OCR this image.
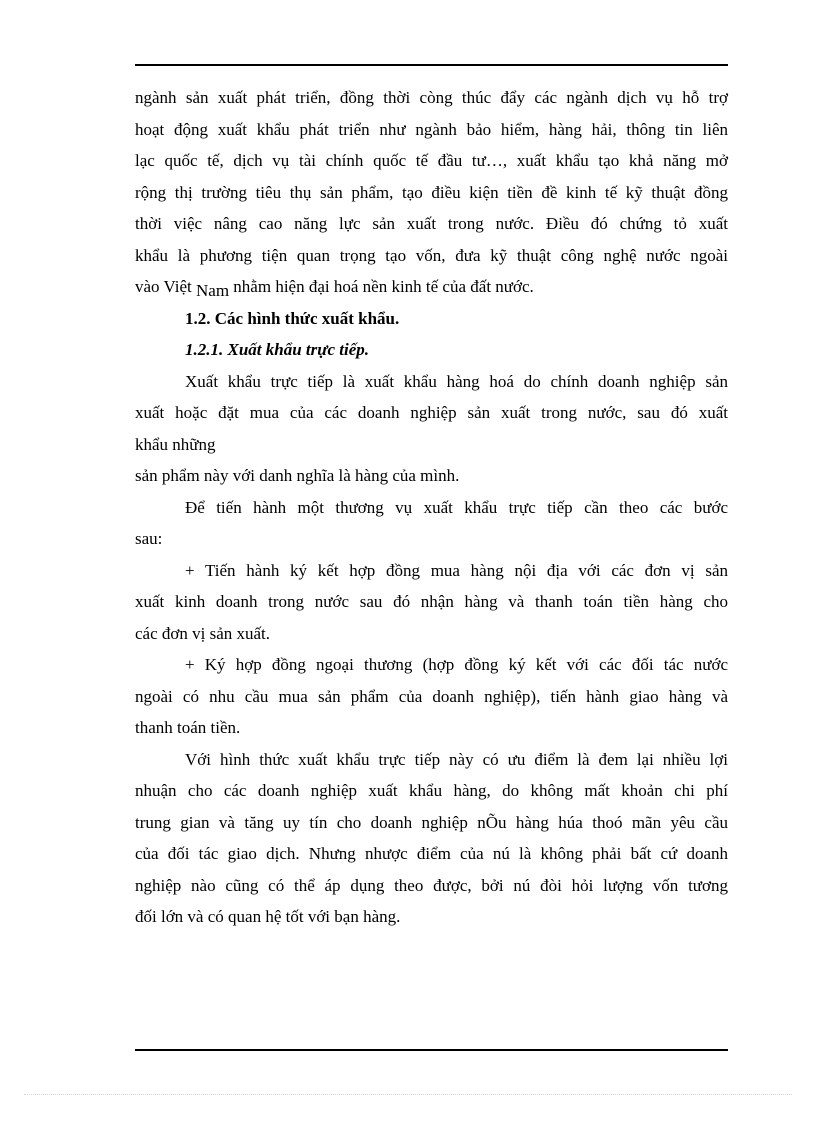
ngành sản xuất phát triển, đồng thời còng thúc đẩy các ngành dịch vụ hỗ trợ

hoạt động xuất khẩu phát triển như ngành bảo hiểm, hàng hải, thông tin liên

lạc quốc tế, dịch vụ tài chính quốc tế đầu tư…, xuất khẩu tạo khả năng mở

rộng thị trường tiêu thụ sản phẩm, tạo điều kiện tiền đề kinh tế kỹ thuật đồng

thời việc nâng cao năng lực sản xuất trong nước. Điều đó chứng tỏ xuất

khẩu là phương tiện quan trọng tạo vốn, đưa kỹ thuật công nghệ nước ngoài

vào Việt Nam nhằm hiện đại hoá nền kinh tế của đất nước.

1.2. Các hình thức xuất khẩu.

1.2.1. Xuất khẩu trực tiếp.

Xuất khẩu trực tiếp là xuất khẩu hàng hoá do chính doanh nghiệp sản

xuất hoặc đặt mua của các doanh nghiệp sản xuất trong nước, sau đó xuất

khẩu những

sản phẩm này với danh nghĩa là hàng của mình.

Để tiến hành một thương vụ xuất khẩu trực tiếp cần theo các bước

sau:

+ Tiến hành ký kết hợp đồng mua hàng nội địa với các đơn vị sản

xuất kinh doanh trong nước sau đó nhận hàng và thanh toán tiền hàng cho

các đơn vị sản xuất.

+ Ký hợp đồng ngoại thương (hợp đồng ký kết với các đối tác nước

ngoài có nhu cầu mua sản phẩm của doanh nghiệp), tiến hành giao hàng và

thanh toán tiền.

Với hình thức xuất khẩu trực tiếp này có ưu điểm là đem lại nhiều lợi

nhuận cho các doanh nghiệp xuất khẩu hàng, do không mất khoản chi phí

trung gian và tăng uy tín cho doanh nghiệp nÕu hàng húa thoó mãn yêu cầu

của đối tác giao dịch. Nhưng nhược điểm của nú là không phải bất cứ doanh

nghiệp nào cũng có thể áp dụng theo được, bởi nú đòi hỏi lượng vốn tương

đối lớn và có quan hệ tốt với bạn hàng.
